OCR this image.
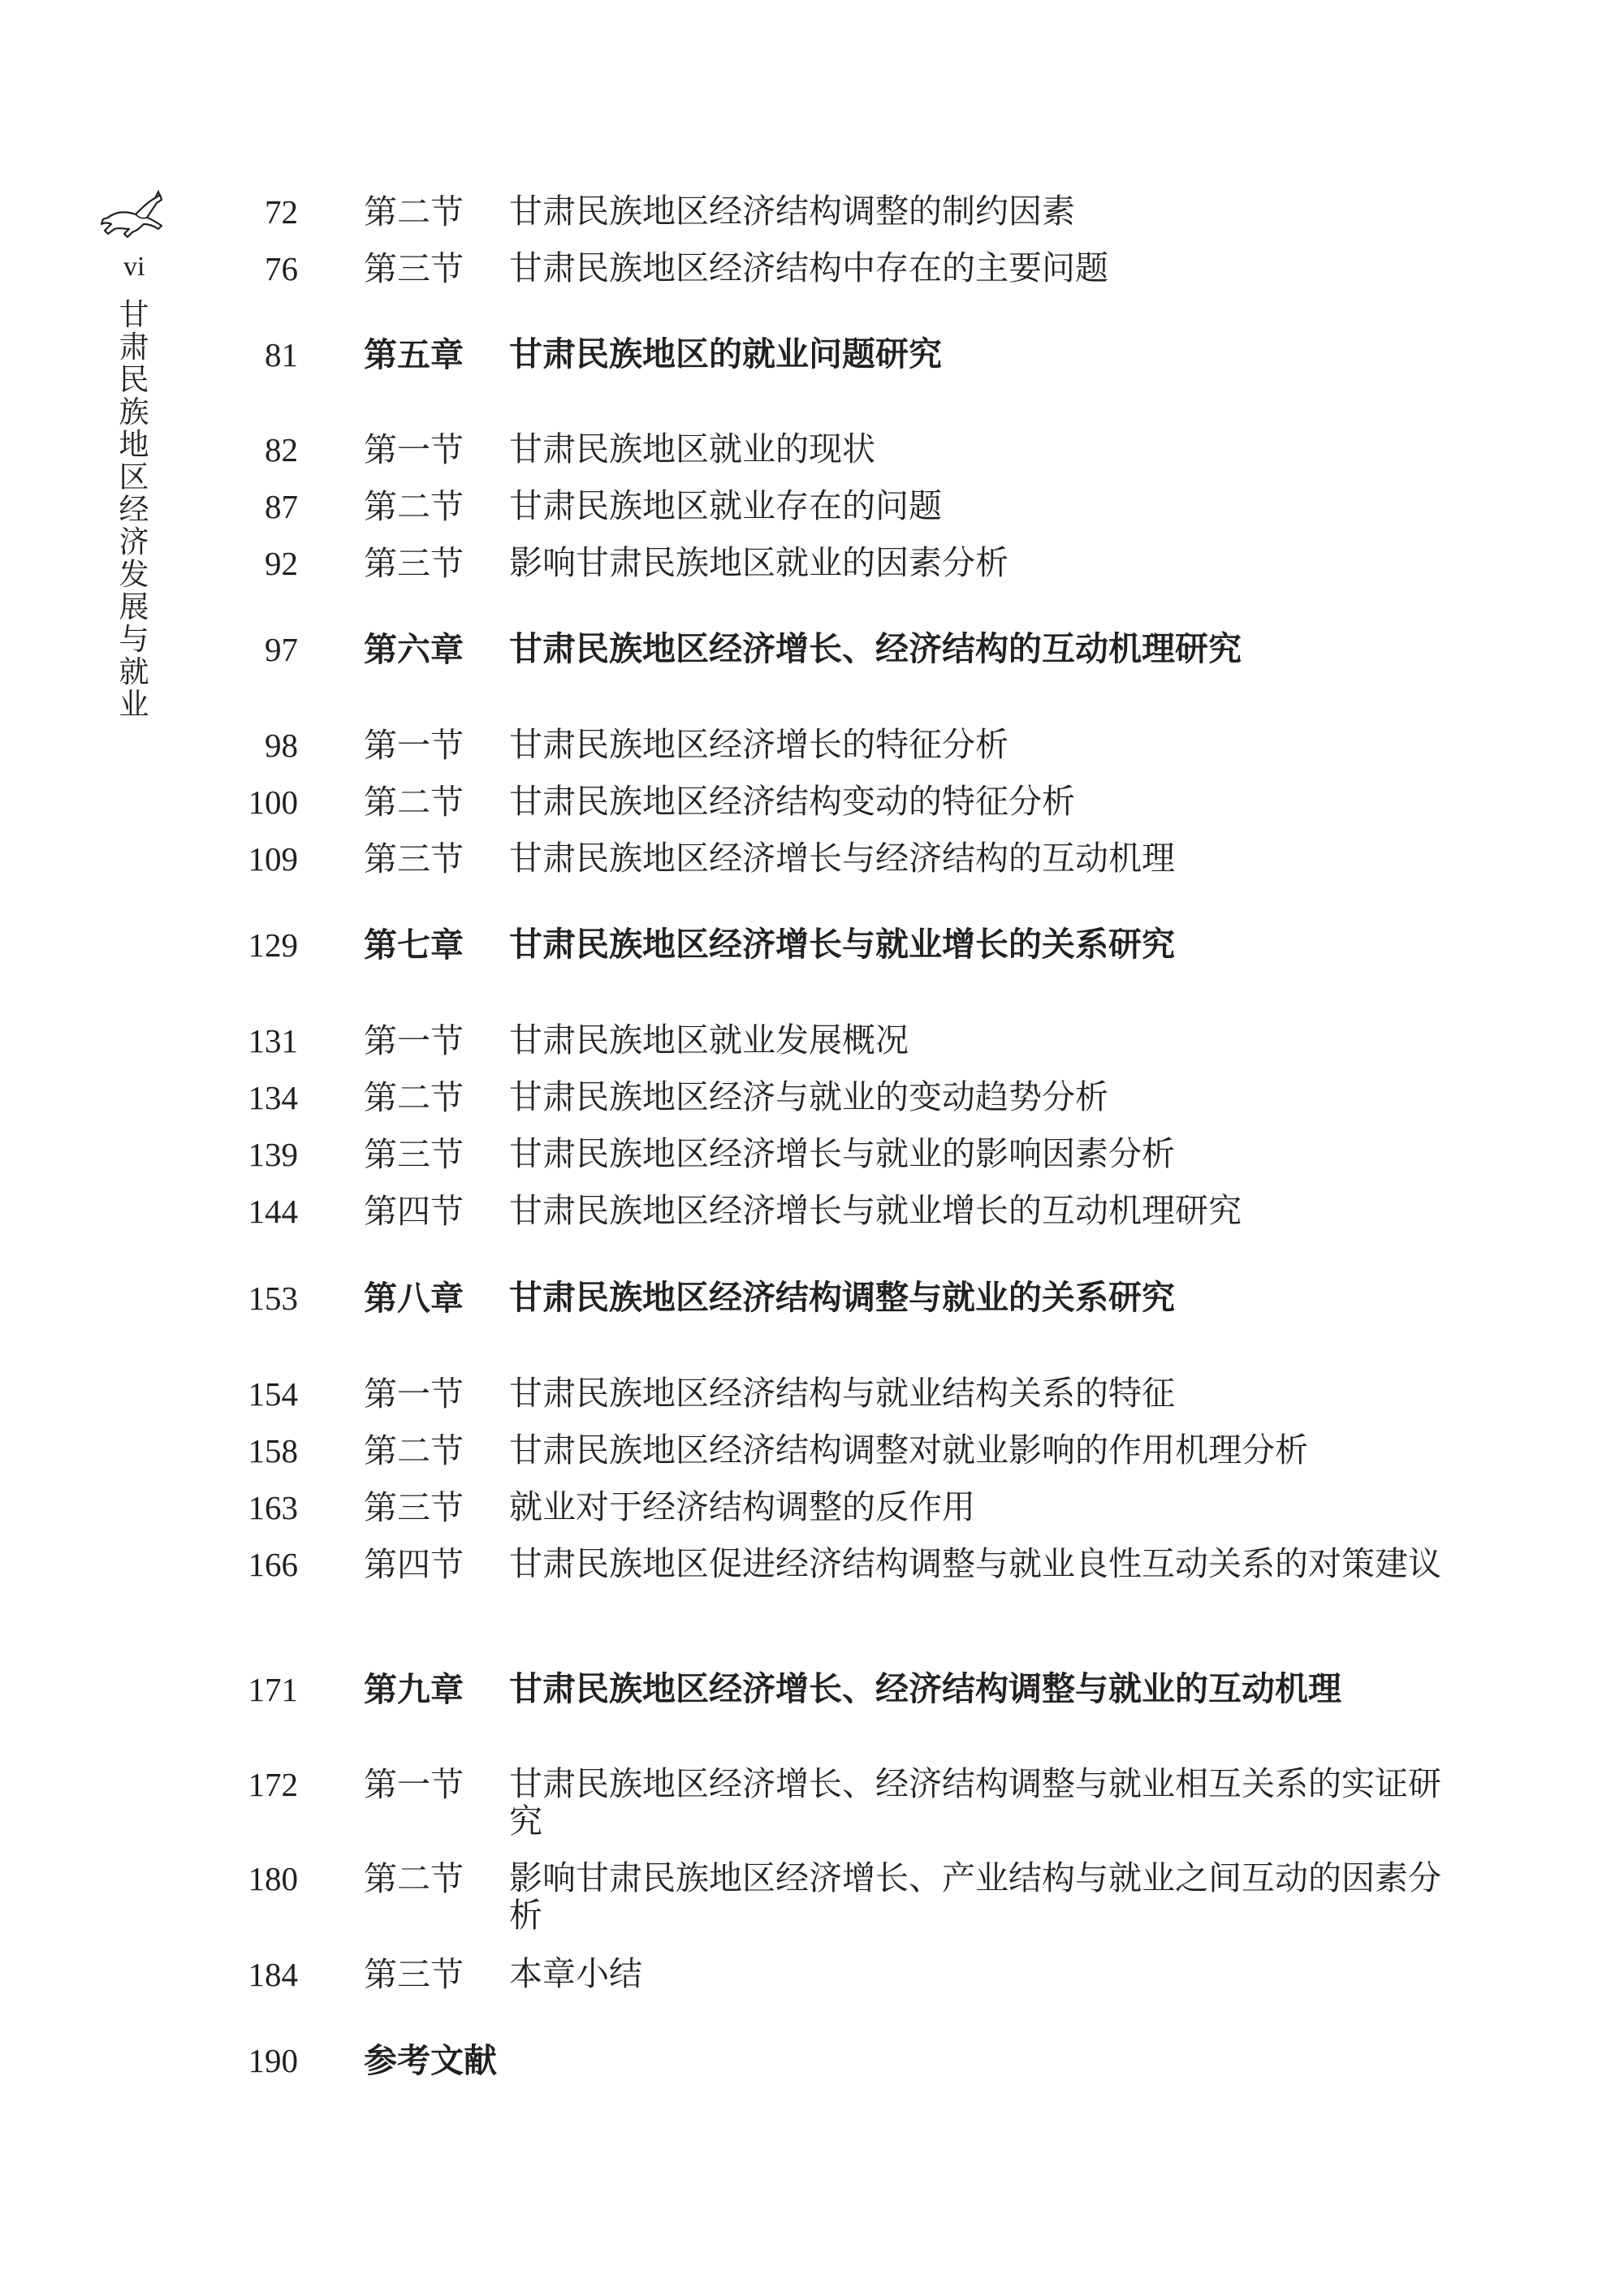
vi
甘肃民族地区经济发展与就业
72 第二节 甘肃民族地区经济结构调整的制约因素
76 第三节 甘肃民族地区经济结构中存在的主要问题
81 第五章 甘肃民族地区的就业问题研究
82 第一节 甘肃民族地区就业的现状
87 第二节 甘肃民族地区就业存在的问题
92 第三节 影响甘肃民族地区就业的因素分析
97 第六章 甘肃民族地区经济增长、经济结构的互动机理研究
98 第一节 甘肃民族地区经济增长的特征分析
100 第二节 甘肃民族地区经济结构变动的特征分析
109 第三节 甘肃民族地区经济增长与经济结构的互动机理
129 第七章 甘肃民族地区经济增长与就业增长的关系研究
131 第一节 甘肃民族地区就业发展概况
134 第二节 甘肃民族地区经济与就业的变动趋势分析
139 第三节 甘肃民族地区经济增长与就业的影响因素分析
144 第四节 甘肃民族地区经济增长与就业增长的互动机理研究
153 第八章 甘肃民族地区经济结构调整与就业的关系研究
154 第一节 甘肃民族地区经济结构与就业结构关系的特征
158 第二节 甘肃民族地区经济结构调整对就业影响的作用机理分析
163 第三节 就业对于经济结构调整的反作用
166 第四节 甘肃民族地区促进经济结构调整与就业良性互动关系的对策建议
171 第九章 甘肃民族地区经济增长、经济结构调整与就业的互动机理
172 第一节 甘肃民族地区经济增长、经济结构调整与就业相互关系的实证研究
180 第二节 影响甘肃民族地区经济增长、产业结构与就业之间互动的因素分析
184 第三节 本章小结
190 参考文献
